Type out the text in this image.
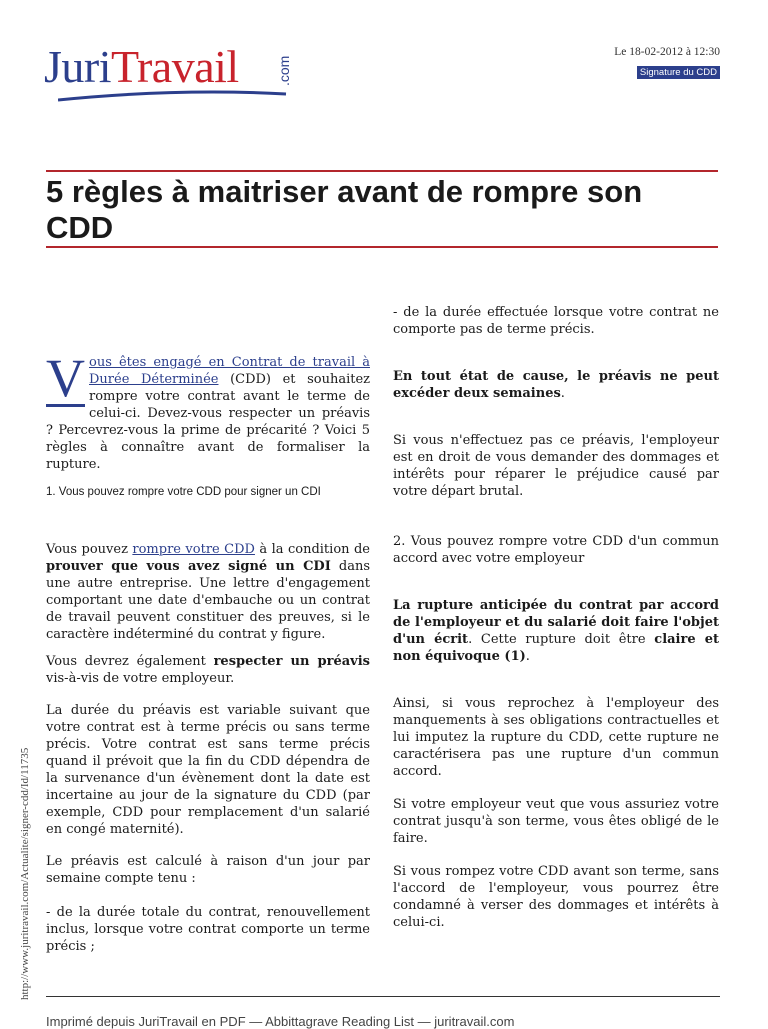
JuriTravail	.com
Le 18-02-2012 à 12:30
Signature du CDD
5 règles à maitriser avant de rompre son CDD

V ous êtes engagé en Contrat de travail à Durée Déterminée (CDD) et souhaitez rompre votre contrat avant le terme de celui-ci. Devez-vous respecter un préavis ? Percevrez-vous la prime de précarité ? Voici 5 règles à connaître avant de formaliser la rupture.

1. Vous pouvez rompre votre CDD pour signer un CDI

Vous pouvez rompre votre CDD à la condition de prouver que vous avez signé un CDI dans une autre entreprise. Une lettre d'engagement comportant une date d'embauche ou un contrat de travail peuvent constituer des preuves, si le caractère indéterminé du contrat y figure.

Vous devrez également respecter un préavis vis-à-vis de votre employeur.

La durée du préavis est variable suivant que votre contrat est à terme précis ou sans terme précis. Votre contrat est sans terme précis quand il prévoit que la fin du CDD dépendra de la survenance d'un évènement dont la date est incertaine au jour de la signature du CDD (par exemple, CDD pour remplacement d'un salarié en congé maternité).

Le préavis est calculé à raison d'un jour par semaine compte tenu :

- de la durée totale du contrat, renouvellement inclus, lorsque votre contrat comporte un terme précis ;

- de la durée effectuée lorsque votre contrat ne comporte pas de terme précis.

En tout état de cause, le préavis ne peut excéder deux semaines.

Si vous n'effectuez pas ce préavis, l'employeur est en droit de vous demander des dommages et intérêts pour réparer le préjudice causé par votre départ brutal.

2. Vous pouvez rompre votre CDD d'un commun accord avec votre employeur

La rupture anticipée du contrat par accord de l'employeur et du salarié doit faire l'objet d'un écrit. Cette rupture doit être claire et non équivoque (1).

Ainsi, si vous reprochez à l'employeur des manquements à ses obligations contractuelles et lui imputez la rupture du CDD, cette rupture ne caractérisera pas une rupture d'un commun accord.

Si votre employeur veut que vous assuriez votre contrat jusqu'à son terme, vous êtes obligé de le faire.

Si vous rompez votre CDD avant son terme, sans l'accord de l'employeur, vous pourrez être condamné à verser des dommages et intérêts à celui-ci.

http://www.juritravail.com/Actualite/signer-cdd/Id/11735
Imprimé depuis JuriTravail en PDF — Abbittagrave Reading List — juritravail.com
